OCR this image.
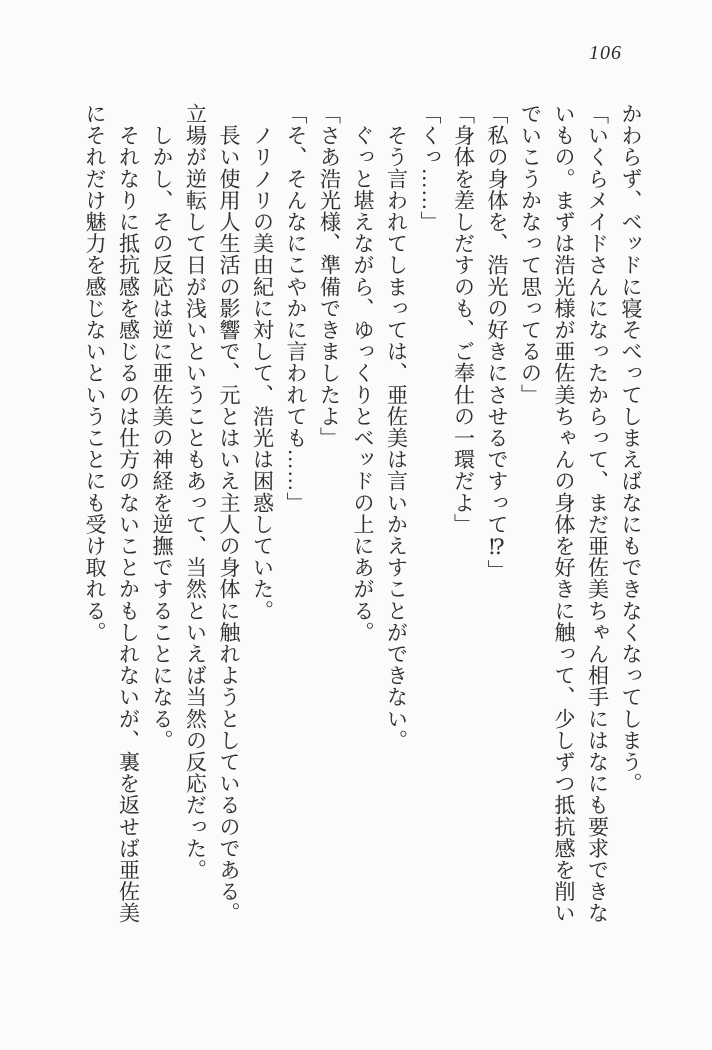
106
かわらず、ベッドに寝そべってしまえばなにもできなくなってしまう。
「いくらメイドさんになったからって、まだ亜佐美ちゃん相手にはなにも要求できな
いもの。まずは浩光様が亜佐美ちゃんの身体を好きに触って、少しずつ抵抗感を削い
でいこうかなって思ってるの」
「私の身体を、浩光の好きにさせるですって⁉」
「身体を差しだすのも、ご奉仕の一環だよ」
「くっ……」
　そう言われてしまっては、亜佐美は言いかえすことができない。
　ぐっと堪えながら、ゆっくりとベッドの上にあがる。
「さあ浩光様、準備できましたよ」
「そ、そんなにこやかに言われても……」
　ノリノリの美由紀に対して、浩光は困惑していた。
　長い使用人生活の影響で、元とはいえ主人の身体に触れようとしているのである。
立場が逆転して日が浅いということもあって、当然といえば当然の反応だった。
　しかし、その反応は逆に亜佐美の神経を逆撫ですることになる。
　それなりに抵抗感を感じるのは仕方のないことかもしれないが、裏を返せば亜佐美
にそれだけ魅力を感じないということにも受け取れる。
